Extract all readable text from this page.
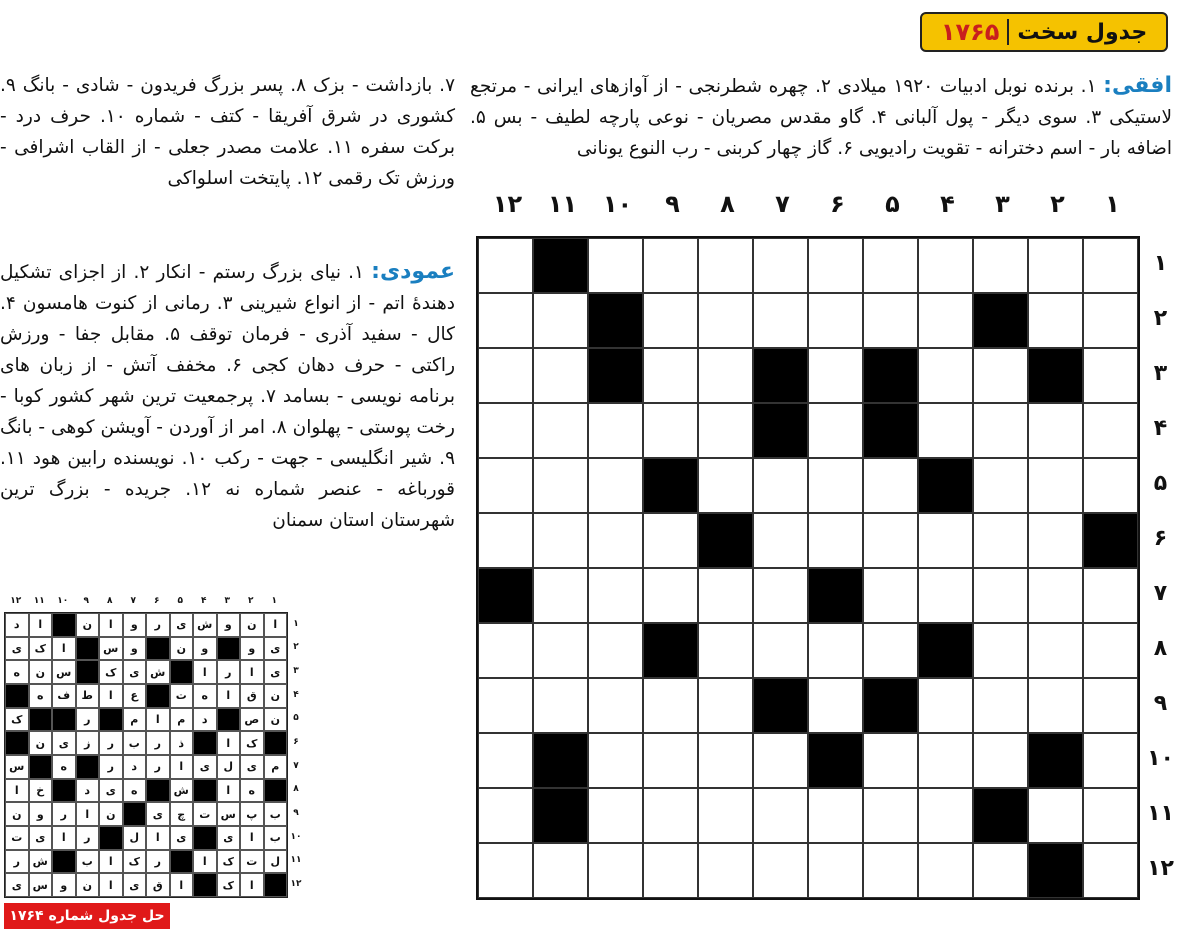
جدول سخت
۱۷۶۵
افقی: ۱. برنده نوبل ادبیات ۱۹۲۰ میلادی ۲. چهره شطرنجی - از آوازهای ایرانی - مرتجع لاستیکی ۳. سوی دیگر - پول آلبانی ۴. گاو مقدس مصریان - نوعی پارچه لطیف - بس ۵. اضافه بار - اسم دخترانه - تقویت رادیویی ۶. گاز چهار کربنی - رب النوع یونانی
۷. بازداشت - بزک ۸. پسر بزرگ فریدون - شادی - بانگ ۹. کشوری در شرق آفریقا - کتف - شماره ۱۰. حرف درد - برکت سفره ۱۱. علامت مصدر جعلی - از القاب اشرافی - ورزش تک رقمی ۱۲. پایتخت اسلواکی
عمودی: ۱. نیای بزرگ رستم - انکار ۲. از اجزای تشکیل دهندهٔ اتم - از انواع شیرینی ۳. رمانی از کنوت هامسون ۴. کال - سفید آذری - فرمان توقف ۵. مقابل جفا - ورزش راکتی - حرف دهان کجی ۶. مخفف آتش - از زبان های برنامه نویسی - بسامد ۷. پرجمعیت ترین شهر کشور کوبا - رخت پوستی - پهلوان ۸. امر از آوردن - آویشن کوهی - بانگ ۹. شیر انگلیسی - جهت - رکب ۱۰. نویسنده رابین هود ۱۱. قورباغه - عنصر شماره نه ۱۲. جریده - بزرگ ترین شهرستان استان سمنان
۱
۲
۳
۴
۵
۶
۷
۸
۹
۱۰
۱۱
۱۲
۱
۲
۳
۴
۵
۶
۷
۸
۹
۱۰
۱۱
۱۲
۱
۲
۳
۴
۵
۶
۷
۸
۹
۱۰
۱۱
۱۲
ا
ن
و
ش
ی
ر
و
ا
ن
ا
د
ی
و
و
ن
و
س
ا
ک
ی
ی
ا
ر
ا
ش
ی
ک
س
ن
ه
ن
ق
ا
ه
ت
ع
ا
ط
ف
ه
ن
ص
د
م
ا
م
ر
ک
ک
ا
ذ
ر
ب
ر
ز
ی
ن
م
ی
ل
ی
ا
ر
د
ر
ه
س
ه
ا
ش
ه
ی
د
خ
ا
ب
پ
س
ت
چ
ی
ن
ا
ر
و
ن
ب
ا
ی
ی
ا
ل
ر
ا
ی
ت
ل
ت
ک
ا
ر
ک
ا
ب
ش
ر
ا
ک
ا
ق
ی
ا
ن
و
س
ی
۱
۲
۳
۴
۵
۶
۷
۸
۹
۱۰
۱۱
۱۲
حل جدول شماره ۱۷۶۴
